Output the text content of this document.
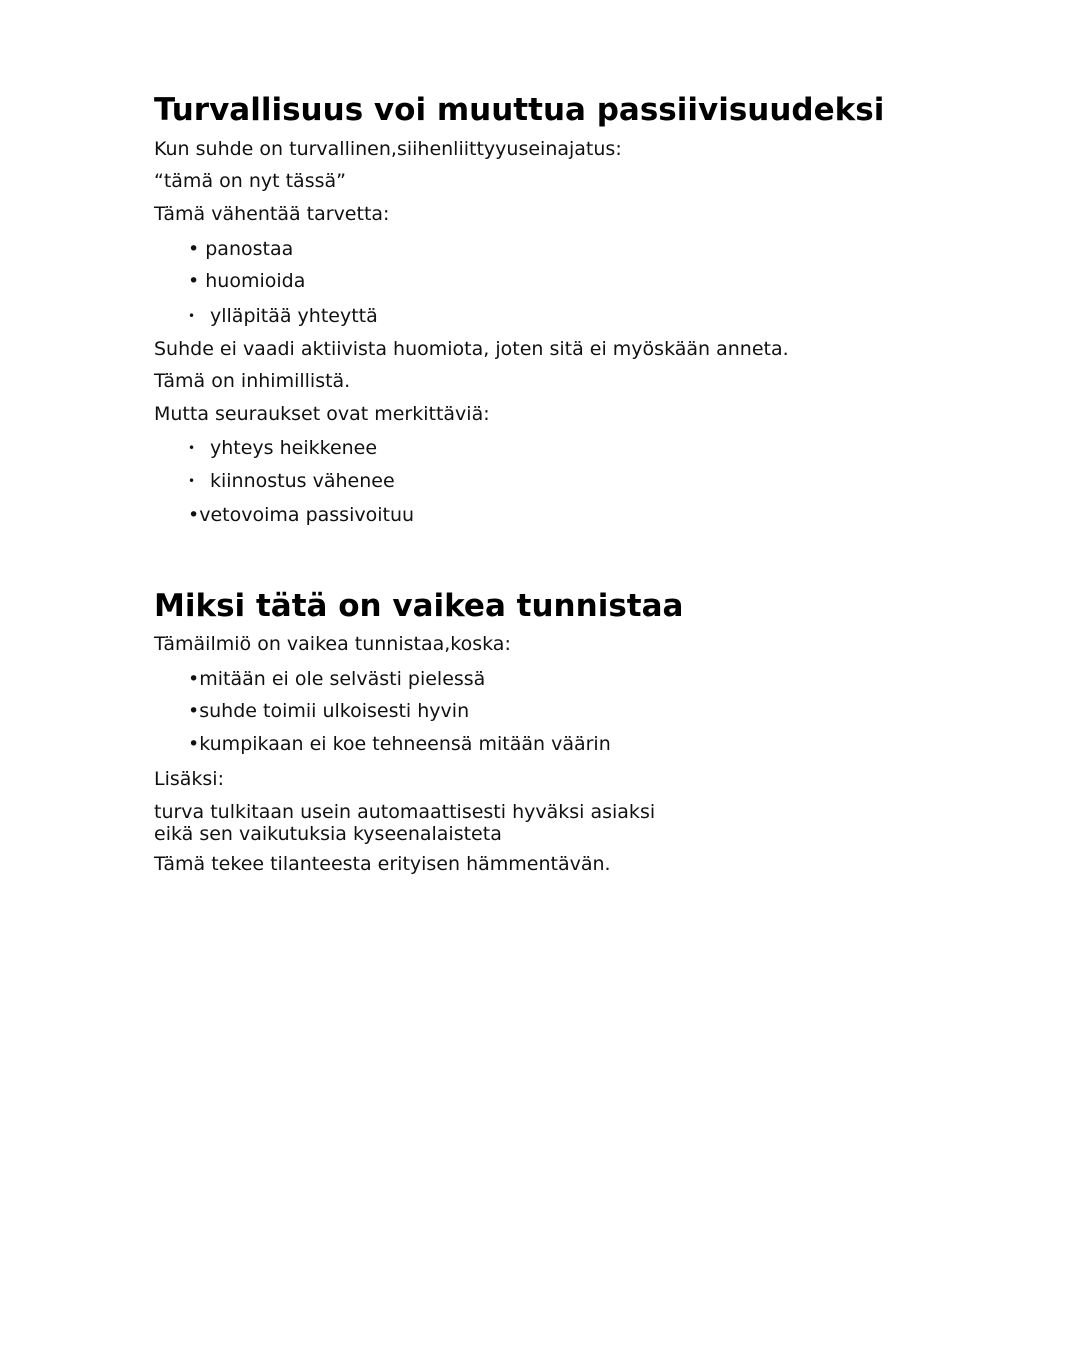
Turvallisuus voi muuttua passiivisuudeksi
Kun suhde on turvallinen,siihenliittyyuseinajatus:
“tämä on nyt tässä”
Tämä vähentää tarvetta:
• panostaa
• huomioida
• ylläpitää yhteyttä
Suhde ei vaadi aktiivista huomiota, joten sitä ei myöskään anneta.
Tämä on inhimillistä.
Mutta seuraukset ovat merkittäviä:
• yhteys heikkenee
• kiinnostus vähenee
•vetovoima passivoituu
Miksi tätä on vaikea tunnistaa
Tämäilmiö on vaikea tunnistaa,koska:
•mitään ei ole selvästi pielessä
•suhde toimii ulkoisesti hyvin
•kumpikaan ei koe tehneensä mitään väärin
Lisäksi:
turva tulkitaan usein automaattisesti hyväksi asiaksi
eikä sen vaikutuksia kyseenalaisteta
Tämä tekee tilanteesta erityisen hämmentävän.
